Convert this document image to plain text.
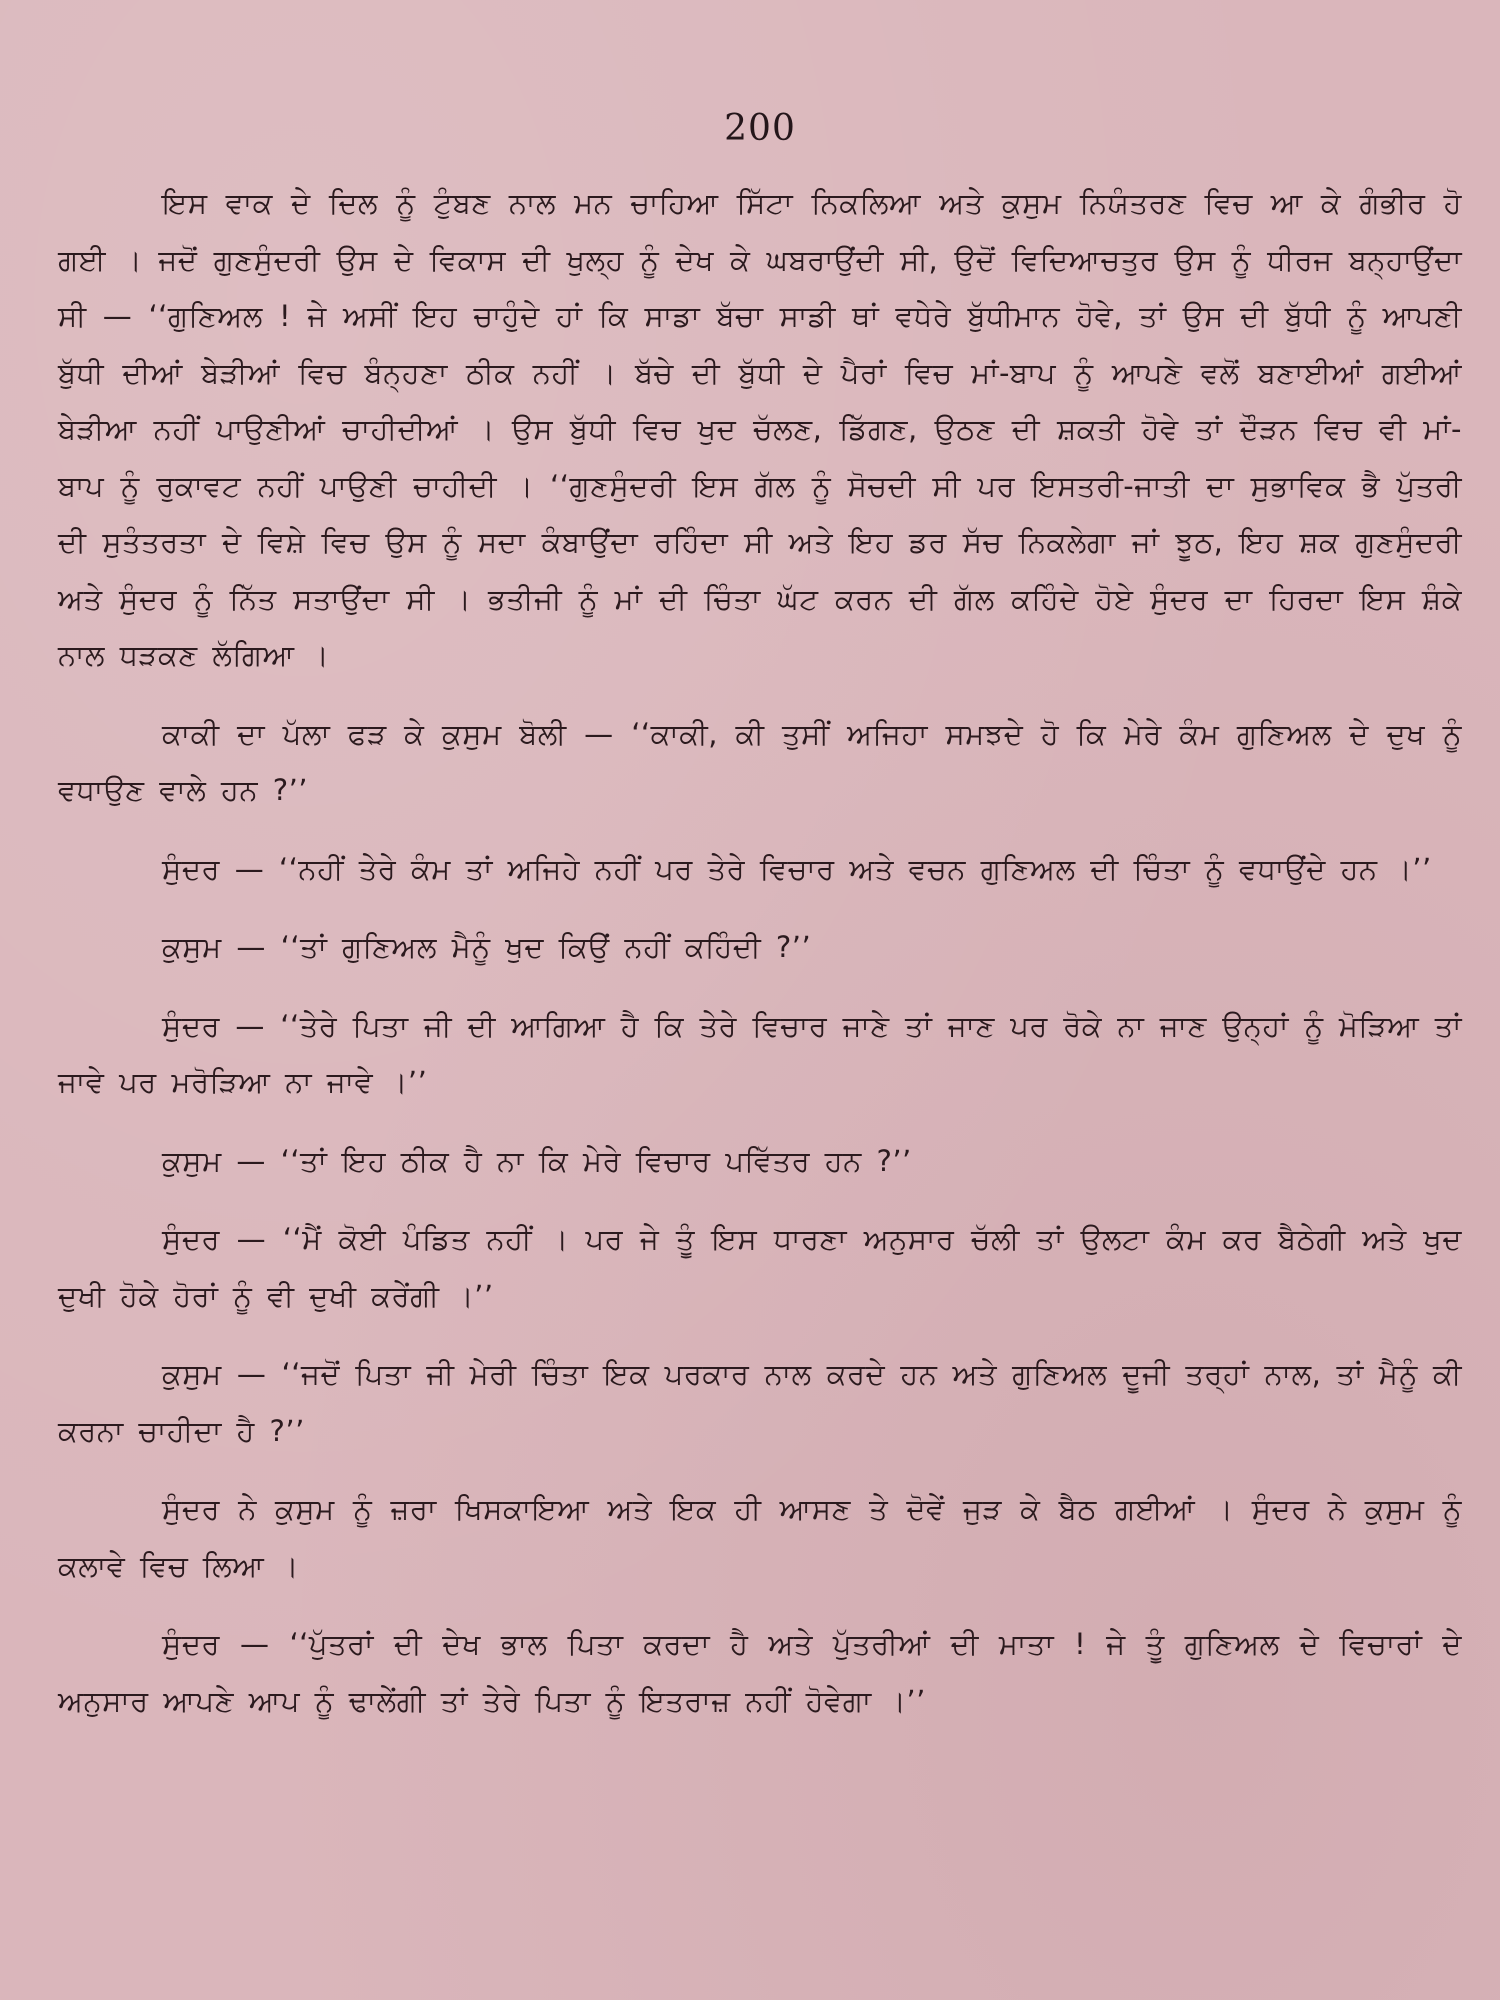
200

ਇਸ ਵਾਕ ਦੇ ਦਿਲ ਨੂੰ ਟੁੰਬਣ ਨਾਲ ਮਨ ਚਾਹਿਆ ਸਿੱਟਾ ਨਿਕਲਿਆ ਅਤੇ ਕੁਸੁਮ ਨਿਯੰਤਰਣ ਵਿਚ ਆ ਕੇ ਗੰਭੀਰ ਹੋ ਗਈ । ਜਦੋਂ ਗੁਣਸੁੰਦਰੀ ਉਸ ਦੇ ਵਿਕਾਸ ਦੀ ਖੁਲ੍ਹ ਨੂੰ ਦੇਖ ਕੇ ਘਬਰਾਉਂਦੀ ਸੀ, ਉਦੋਂ ਵਿਦਿਆਚਤੁਰ ਉਸ ਨੂੰ ਧੀਰਜ ਬਨ੍ਹਾਉਂਦਾ ਸੀ — ‘‘ਗੁਣਿਅਲ ! ਜੇ ਅਸੀਂ ਇਹ ਚਾਹੁੰਦੇ ਹਾਂ ਕਿ ਸਾਡਾ ਬੱਚਾ ਸਾਡੀ ਥਾਂ ਵਧੇਰੇ ਬੁੱਧੀਮਾਨ ਹੋਵੇ, ਤਾਂ ਉਸ ਦੀ ਬੁੱਧੀ ਨੂੰ ਆਪਣੀ ਬੁੱਧੀ ਦੀਆਂ ਬੇੜੀਆਂ ਵਿਚ ਬੰਨ੍ਹਣਾ ਠੀਕ ਨਹੀਂ । ਬੱਚੇ ਦੀ ਬੁੱਧੀ ਦੇ ਪੈਰਾਂ ਵਿਚ ਮਾਂ-ਬਾਪ ਨੂੰ ਆਪਣੇ ਵਲੋਂ ਬਣਾਈਆਂ ਗਈਆਂ ਬੇੜੀਆ ਨਹੀਂ ਪਾਉਣੀਆਂ ਚਾਹੀਦੀਆਂ । ਉਸ ਬੁੱਧੀ ਵਿਚ ਖੁਦ ਚੱਲਣ, ਡਿੱਗਣ, ਉਠਣ ਦੀ ਸ਼ਕਤੀ ਹੋਵੇ ਤਾਂ ਦੌੜਨ ਵਿਚ ਵੀ ਮਾਂ-ਬਾਪ ਨੂੰ ਰੁਕਾਵਟ ਨਹੀਂ ਪਾਉਣੀ ਚਾਹੀਦੀ । ‘‘ਗੁਣਸੁੰਦਰੀ ਇਸ ਗੱਲ ਨੂੰ ਸੋਚਦੀ ਸੀ ਪਰ ਇਸਤਰੀ-ਜਾਤੀ ਦਾ ਸੁਭਾਵਿਕ ਭੈ ਪੁੱਤਰੀ ਦੀ ਸੁਤੰਤਰਤਾ ਦੇ ਵਿਸ਼ੇ ਵਿਚ ਉਸ ਨੂੰ ਸਦਾ ਕੰਬਾਉਂਦਾ ਰਹਿੰਦਾ ਸੀ ਅਤੇ ਇਹ ਡਰ ਸੱਚ ਨਿਕਲੇਗਾ ਜਾਂ ਝੂਠ, ਇਹ ਸ਼ਕ ਗੁਣਸੁੰਦਰੀ ਅਤੇ ਸੁੰਦਰ ਨੂੰ ਨਿੱਤ ਸਤਾਉਂਦਾ ਸੀ । ਭਤੀਜੀ ਨੂੰ ਮਾਂ ਦੀ ਚਿੰਤਾ ਘੱਟ ਕਰਨ ਦੀ ਗੱਲ ਕਹਿੰਦੇ ਹੋਏ ਸੁੰਦਰ ਦਾ ਹਿਰਦਾ ਇਸ ਸ਼ੰਕੇ ਨਾਲ ਧੜਕਣ ਲੱਗਿਆ ।

ਕਾਕੀ ਦਾ ਪੱਲਾ ਫੜ ਕੇ ਕੁਸੁਮ ਬੋਲੀ — ‘‘ਕਾਕੀ, ਕੀ ਤੁਸੀਂ ਅਜਿਹਾ ਸਮਝਦੇ ਹੋ ਕਿ ਮੇਰੇ ਕੰਮ ਗੁਣਿਅਲ ਦੇ ਦੁਖ ਨੂੰ ਵਧਾਉਣ ਵਾਲੇ ਹਨ ?’’

ਸੁੰਦਰ — ‘‘ਨਹੀਂ ਤੇਰੇ ਕੰਮ ਤਾਂ ਅਜਿਹੇ ਨਹੀਂ ਪਰ ਤੇਰੇ ਵਿਚਾਰ ਅਤੇ ਵਚਨ ਗੁਣਿਅਲ ਦੀ ਚਿੰਤਾ ਨੂੰ ਵਧਾਉਂਦੇ ਹਨ ।’’

ਕੁਸੁਮ — ‘‘ਤਾਂ ਗੁਣਿਅਲ ਮੈਨੂੰ ਖੁਦ ਕਿਉਂ ਨਹੀਂ ਕਹਿੰਦੀ ?’’

ਸੁੰਦਰ — ‘‘ਤੇਰੇ ਪਿਤਾ ਜੀ ਦੀ ਆਗਿਆ ਹੈ ਕਿ ਤੇਰੇ ਵਿਚਾਰ ਜਾਣੇ ਤਾਂ ਜਾਣ ਪਰ ਰੋਕੇ ਨਾ ਜਾਣ ਉਨ੍ਹਾਂ ਨੂੰ ਮੋੜਿਆ ਤਾਂ ਜਾਵੇ ਪਰ ਮਰੋੜਿਆ ਨਾ ਜਾਵੇ ।’’

ਕੁਸੁਮ — ‘‘ਤਾਂ ਇਹ ਠੀਕ ਹੈ ਨਾ ਕਿ ਮੇਰੇ ਵਿਚਾਰ ਪਵਿੱਤਰ ਹਨ ?’’

ਸੁੰਦਰ — ‘‘ਮੈਂ ਕੋਈ ਪੰਡਿਤ ਨਹੀਂ । ਪਰ ਜੇ ਤੂੰ ਇਸ ਧਾਰਣਾ ਅਨੁਸਾਰ ਚੱਲੀ ਤਾਂ ਉਲਟਾ ਕੰਮ ਕਰ ਬੈਠੇਗੀ ਅਤੇ ਖੁਦ ਦੁਖੀ ਹੋਕੇ ਹੋਰਾਂ ਨੂੰ ਵੀ ਦੁਖੀ ਕਰੇਂਗੀ ।’’

ਕੁਸੁਮ — ‘‘ਜਦੋਂ ਪਿਤਾ ਜੀ ਮੇਰੀ ਚਿੰਤਾ ਇਕ ਪਰਕਾਰ ਨਾਲ ਕਰਦੇ ਹਨ ਅਤੇ ਗੁਣਿਅਲ ਦੂਜੀ ਤਰ੍ਹਾਂ ਨਾਲ, ਤਾਂ ਮੈਨੂੰ ਕੀ ਕਰਨਾ ਚਾਹੀਦਾ ਹੈ ?’’

ਸੁੰਦਰ ਨੇ ਕੁਸੁਮ ਨੂੰ ਜ਼ਰਾ ਖਿਸਕਾਇਆ ਅਤੇ ਇਕ ਹੀ ਆਸਣ ਤੇ ਦੋਵੇਂ ਜੁੜ ਕੇ ਬੈਠ ਗਈਆਂ । ਸੁੰਦਰ ਨੇ ਕੁਸੁਮ ਨੂੰ ਕਲਾਵੇ ਵਿਚ ਲਿਆ ।

ਸੁੰਦਰ — ‘‘ਪੁੱਤਰਾਂ ਦੀ ਦੇਖ ਭਾਲ ਪਿਤਾ ਕਰਦਾ ਹੈ ਅਤੇ ਪੁੱਤਰੀਆਂ ਦੀ ਮਾਤਾ ! ਜੇ ਤੂੰ ਗੁਣਿਅਲ ਦੇ ਵਿਚਾਰਾਂ ਦੇ ਅਨੁਸਾਰ ਆਪਣੇ ਆਪ ਨੂੰ ਢਾਲੇਂਗੀ ਤਾਂ ਤੇਰੇ ਪਿਤਾ ਨੂੰ ਇਤਰਾਜ਼ ਨਹੀਂ ਹੋਵੇਗਾ ।’’
